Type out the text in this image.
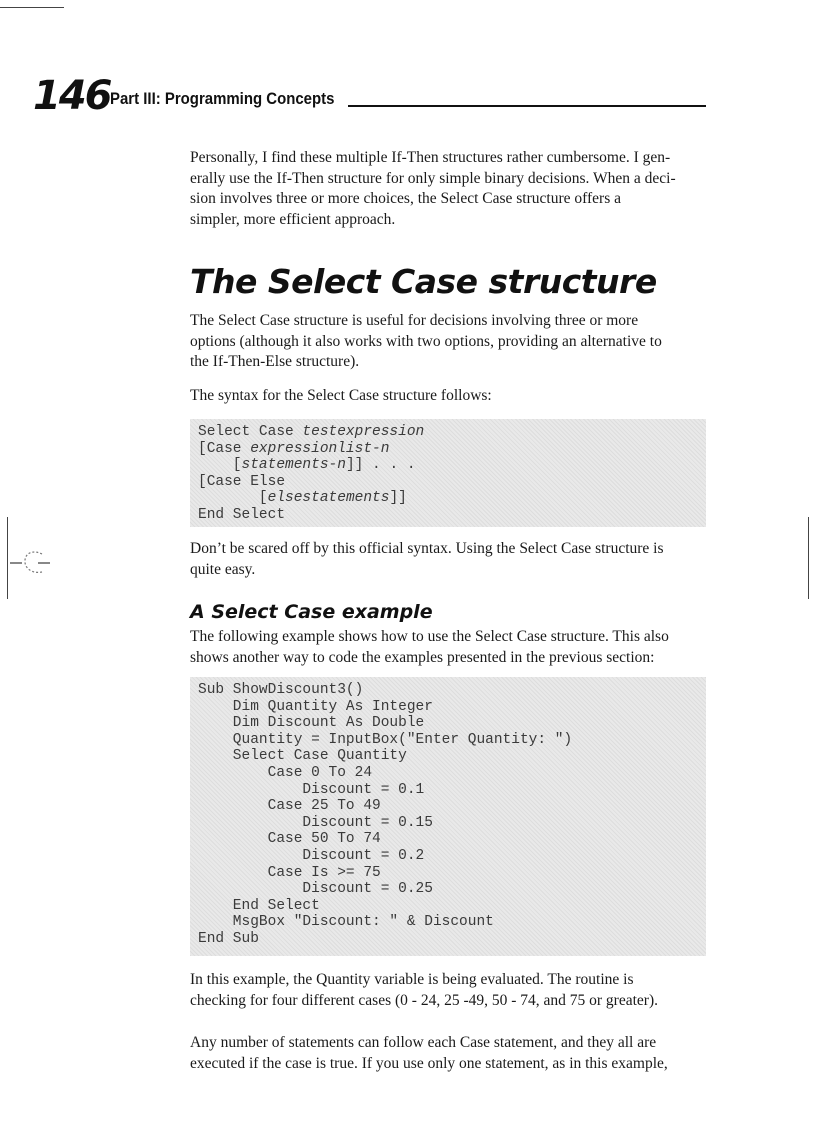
146 Part III: Programming Concepts
Personally, I find these multiple If-Then structures rather cumbersome. I gen-
erally use the If-Then structure for only simple binary decisions. When a deci-
sion involves three or more choices, the Select Case structure offers a
simpler, more efficient approach.
The Select Case structure
The Select Case structure is useful for decisions involving three or more
options (although it also works with two options, providing an alternative to
the If-Then-Else structure).
The syntax for the Select Case structure follows:
Select Case testexpression
[Case expressionlist-n
[statements-n]] . . .
[Case Else
[elsestatements]]
End Select
Don’t be scared off by this official syntax. Using the Select Case structure is
quite easy.
A Select Case example
The following example shows how to use the Select Case structure. This also
shows another way to code the examples presented in the previous section:
Sub ShowDiscount3()
Dim Quantity As Integer
Dim Discount As Double
Quantity = InputBox("Enter Quantity: ")
Select Case Quantity
Case 0 To 24
Discount = 0.1
Case 25 To 49
Discount = 0.15
Case 50 To 74
Discount = 0.2
Case Is >= 75
Discount = 0.25
End Select
MsgBox "Discount: " & Discount
End Sub
In this example, the Quantity variable is being evaluated. The routine is
checking for four different cases (0 - 24, 25 -49, 50 - 74, and 75 or greater).
Any number of statements can follow each Case statement, and they all are
executed if the case is true. If you use only one statement, as in this example,
